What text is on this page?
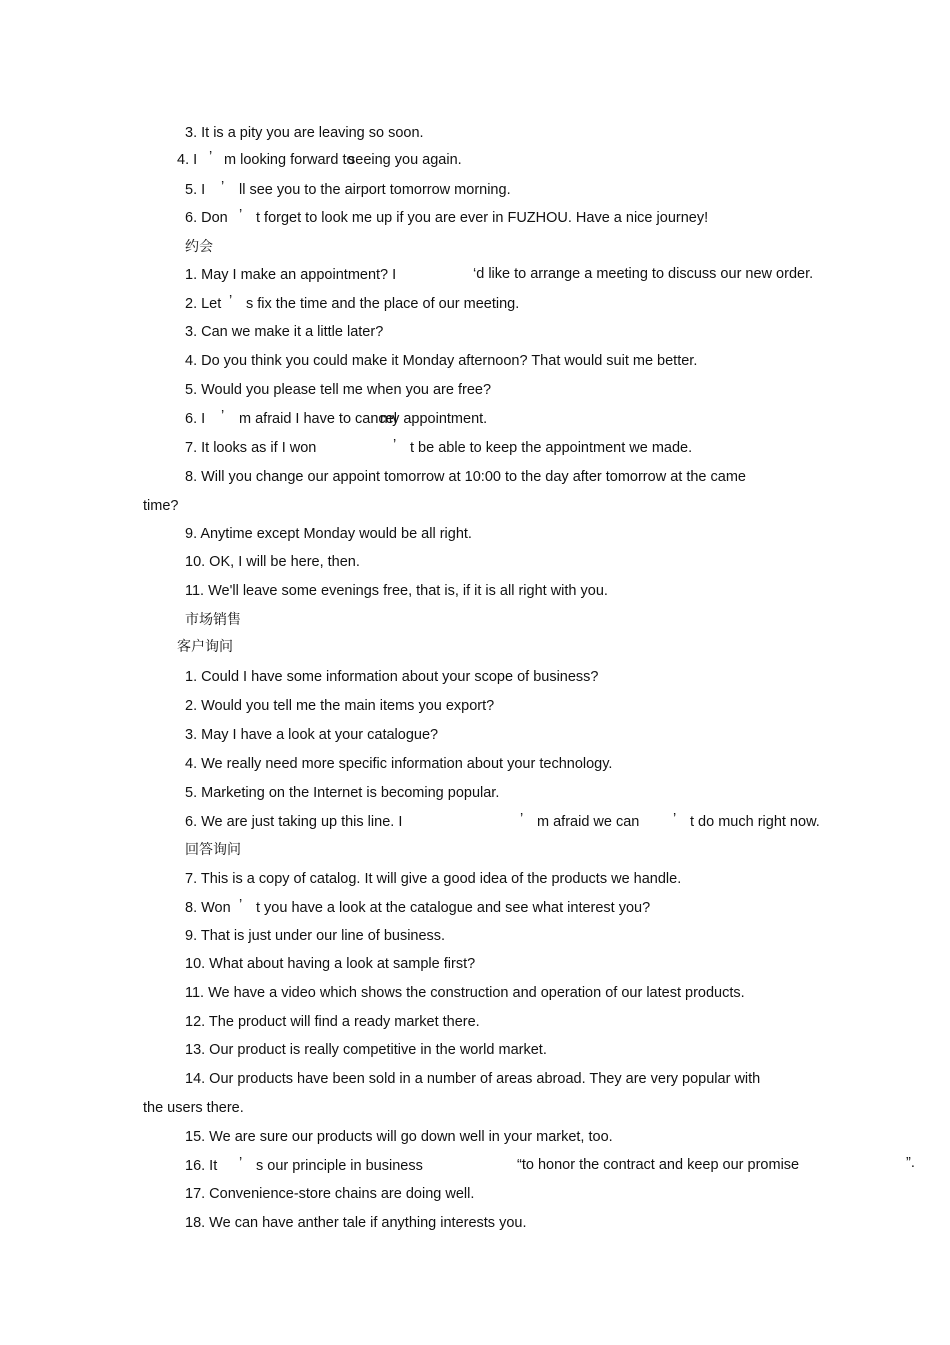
3. It is a pity you are leaving so soon.
4. I ’ m looking forward to
seeing you again.
5. I ’ ll see you to the airport tomorrow morning.
6. Don ’ t forget to look me up if you are ever in FUZHOU. Have a nice journey!
约会
1. May I make an appointment? I	‘d like to arrange a meeting to discuss our new order.
2. Let ’ s fix the time and the place of our meeting.
3. Can we make it a little later?
4. Do you think you could make it Monday afternoon? That would suit me better.
5. Would you please tell me when you are free?
6. I ’ m afraid I have to cancel
my appointment.
7. It looks as if I won	’ t be able to keep the appointment we made.
8. Will you change our appoint tomorrow at 10:00 to the day after tomorrow at the came
time?
9. Anytime except Monday would be all right.
10. OK, I will be here, then.
11. We'll leave some evenings free, that is, if it is all right with you.
市场销售
客户询问
1. Could I have some information about your scope of business?
2. Would you tell me the main items you export?
3. May I have a look at your catalogue?
4. We really need more specific information about your technology.
5. Marketing on the Internet is becoming popular.
6. We are just taking up this line. I	’ m afraid we can ’ t do much right now.
回答询问
7. This is a copy of catalog. It will give a good idea of the products we handle.
8. Won ’ t you have a look at the catalogue and see what interest you?
9. That is just under our line of business.
10. What about having a look at sample first?
11. We have a video which shows the construction and operation of our latest products.
12. The product will find a ready market there.
13. Our product is really competitive in the world market.
14. Our products have been sold in a number of areas abroad. They are very popular with
the users there.
15. We are sure our products will go down well in your market, too.
16. It ’ s our principle in business	“to honor the contract and keep our promise	”.
17. Convenience-store chains are doing well.
18. We can have anther tale if anything interests you.
